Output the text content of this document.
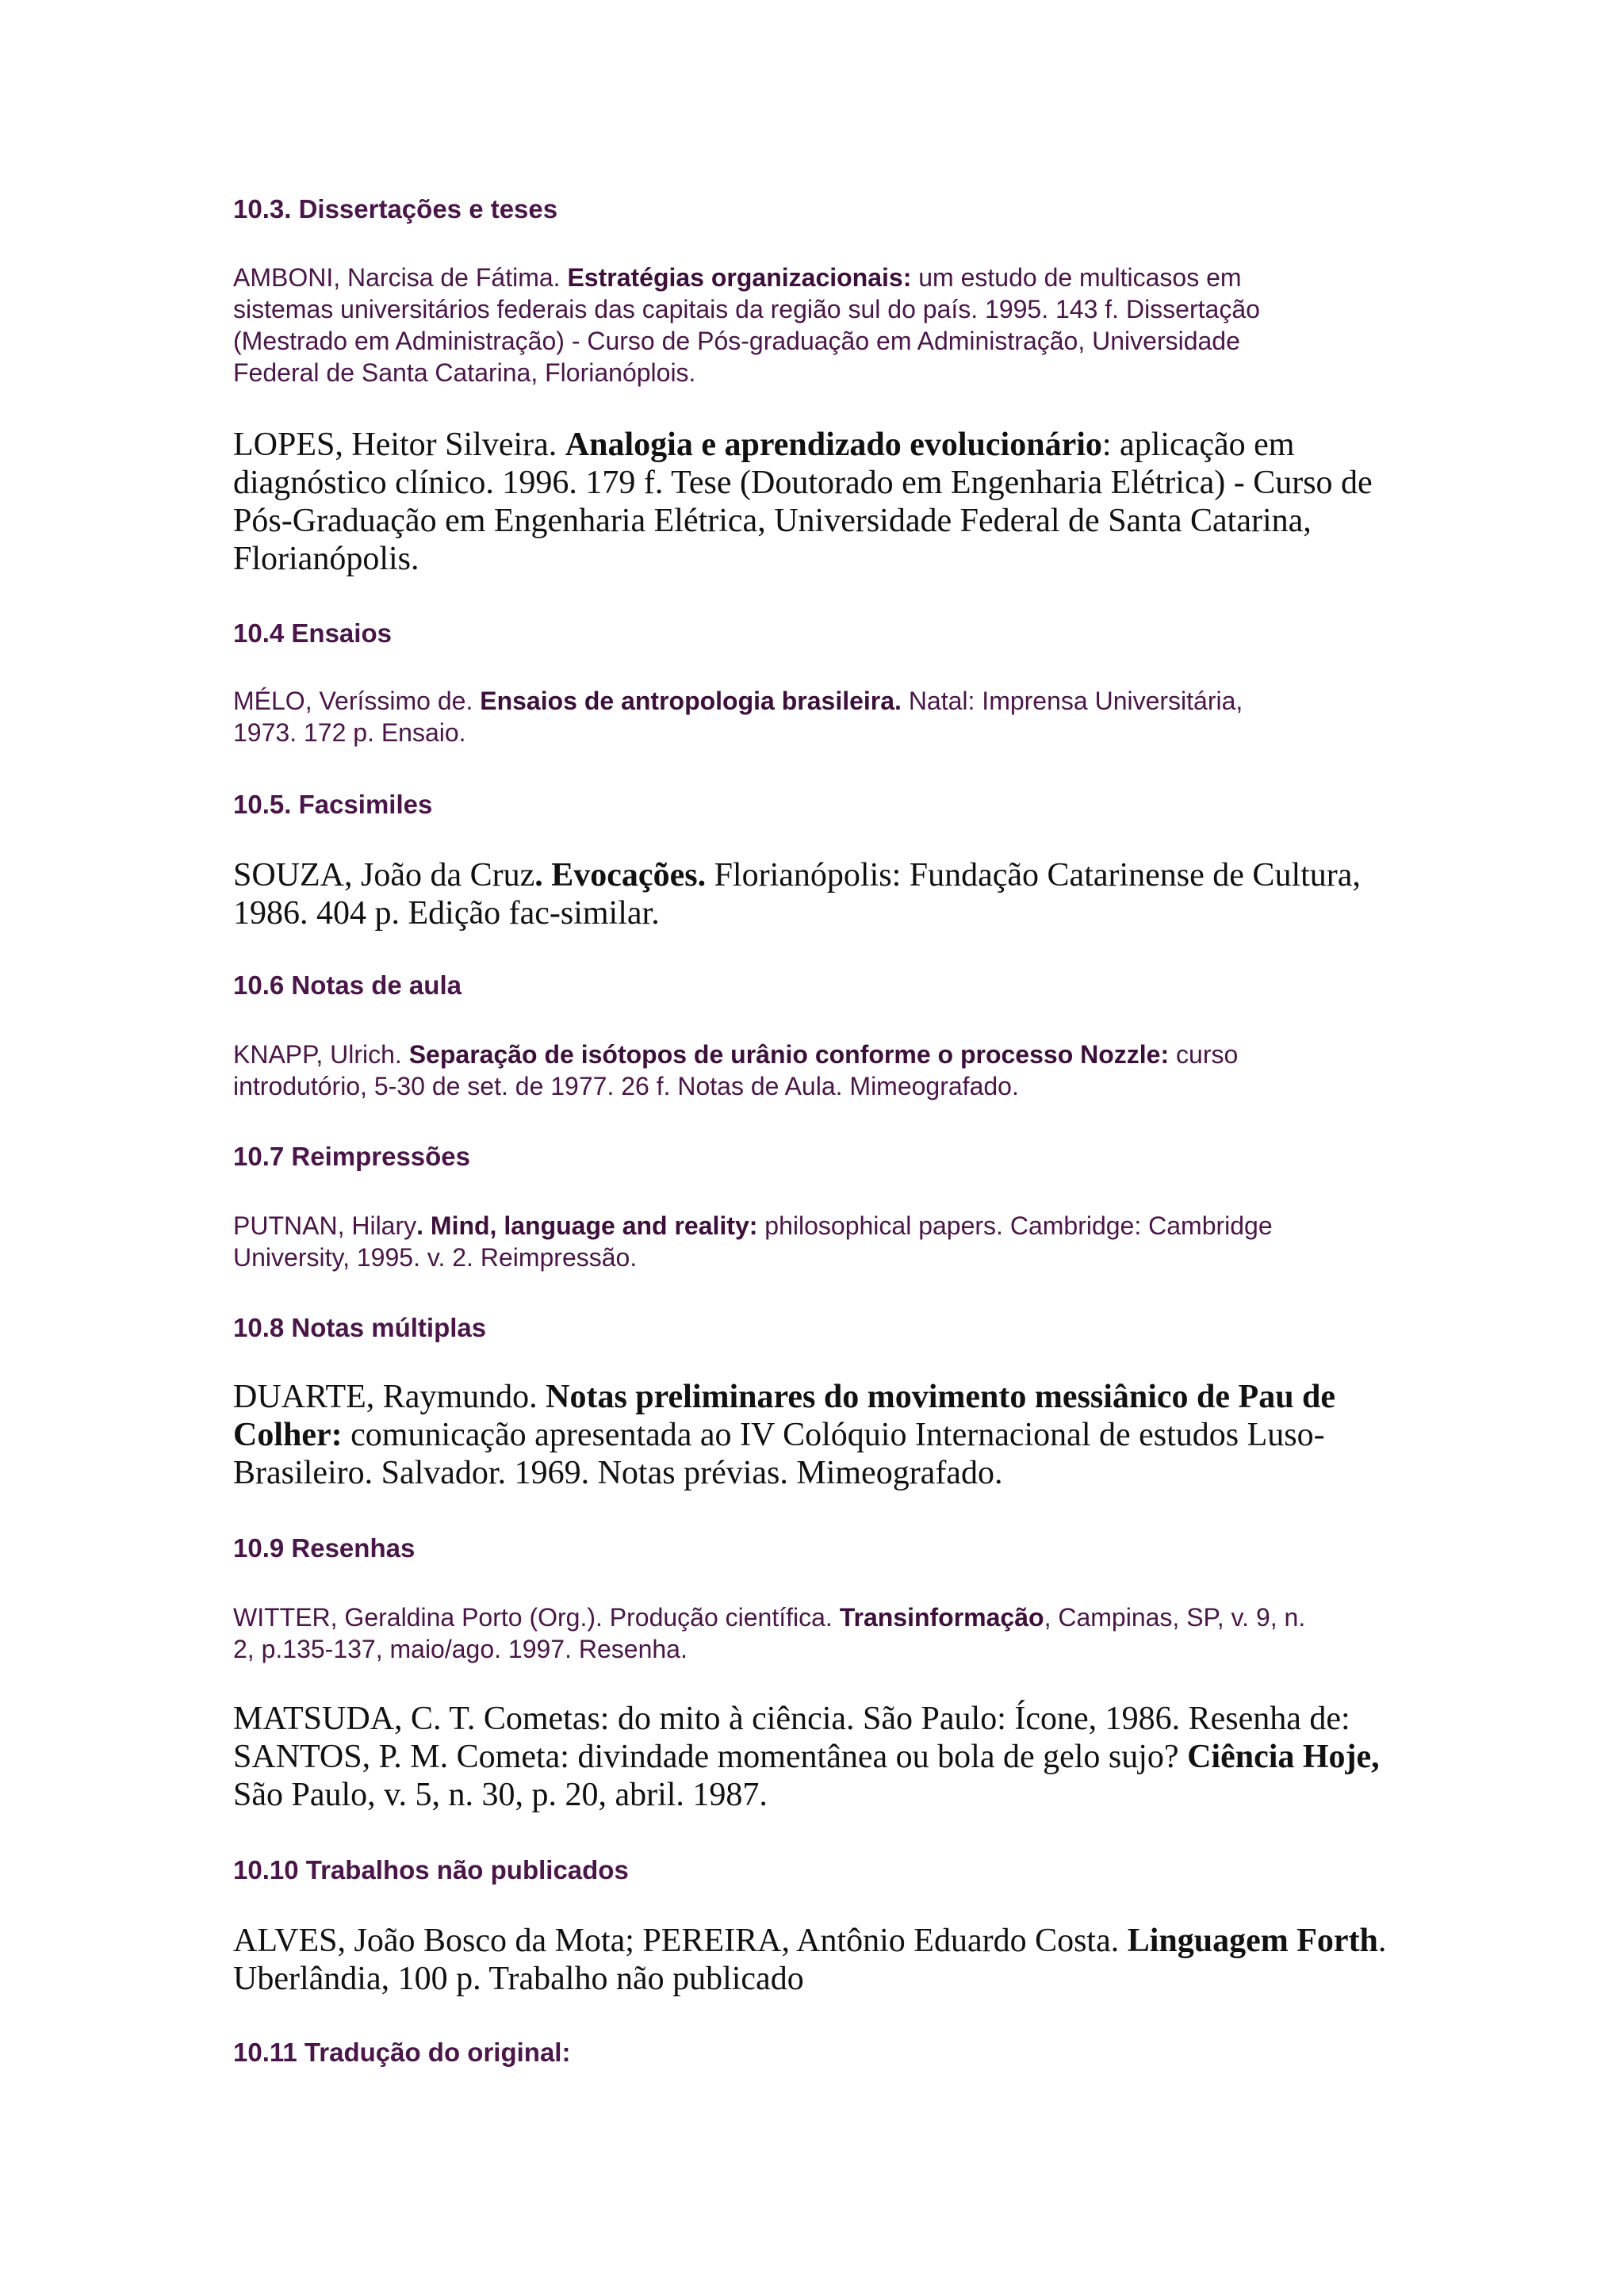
10.3. Dissertações e teses

AMBONI, Narcisa de Fátima. Estratégias organizacionais: um estudo de multicasos em
sistemas universitários federais das capitais da região sul do país. 1995. 143 f. Dissertação
(Mestrado em Administração) - Curso de Pós-graduação em Administração, Universidade
Federal de Santa Catarina, Florianóplois.

LOPES, Heitor Silveira. Analogia e aprendizado evolucionário: aplicação em
diagnóstico clínico. 1996. 179 f. Tese (Doutorado em Engenharia Elétrica) - Curso de
Pós-Graduação em Engenharia Elétrica, Universidade Federal de Santa Catarina,
Florianópolis.

10.4 Ensaios

MÉLO, Veríssimo de. Ensaios de antropologia brasileira. Natal: Imprensa Universitária,
1973. 172 p. Ensaio.

10.5. Facsimiles

SOUZA, João da Cruz. Evocações. Florianópolis: Fundação Catarinense de Cultura,
1986. 404 p. Edição fac-similar.

10.6 Notas de aula

KNAPP, Ulrich. Separação de isótopos de urânio conforme o processo Nozzle: curso
introdutório, 5-30 de set. de 1977. 26 f. Notas de Aula. Mimeografado.

10.7 Reimpressões

PUTNAN, Hilary. Mind, language and reality: philosophical papers. Cambridge: Cambridge
University, 1995. v. 2. Reimpressão.

10.8 Notas múltiplas

DUARTE, Raymundo. Notas preliminares do movimento messiânico de Pau de
Colher: comunicação apresentada ao IV Colóquio Internacional de estudos Luso-
Brasileiro. Salvador. 1969. Notas prévias. Mimeografado.

10.9 Resenhas

WITTER, Geraldina Porto (Org.). Produção científica. Transinformação, Campinas, SP, v. 9, n.
2, p.135-137, maio/ago. 1997. Resenha.

MATSUDA, C. T. Cometas: do mito à ciência. São Paulo: Ícone, 1986. Resenha de:
SANTOS, P. M. Cometa: divindade momentânea ou bola de gelo sujo? Ciência Hoje,
São Paulo, v. 5, n. 30, p. 20, abril. 1987.

10.10 Trabalhos não publicados

ALVES, João Bosco da Mota; PEREIRA, Antônio Eduardo Costa. Linguagem Forth.
Uberlândia, 100 p. Trabalho não publicado

10.11 Tradução do original:
